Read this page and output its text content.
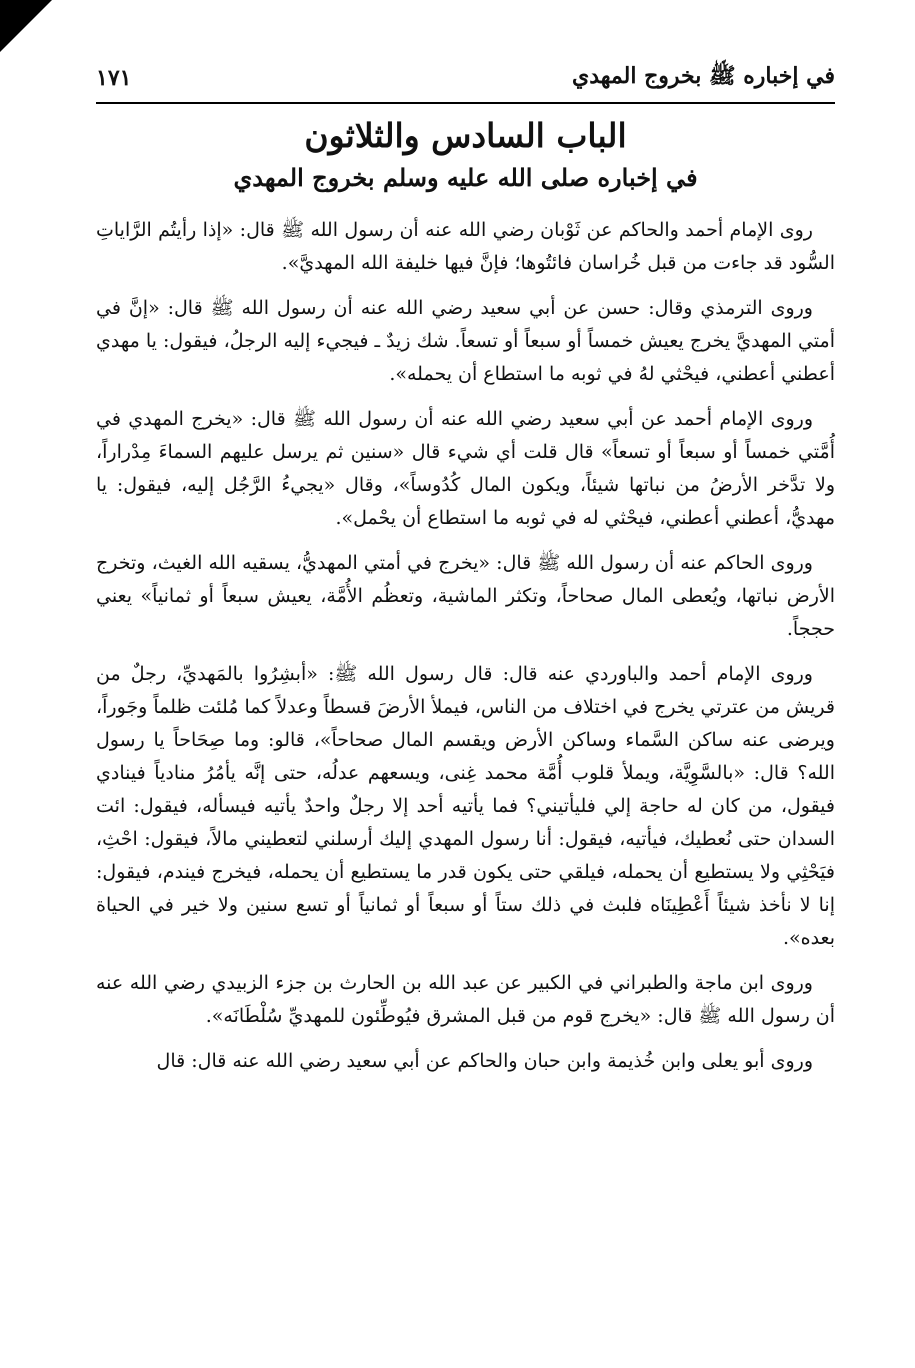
في إخباره ﷺ بخروج المهدي
١٧١
الباب السادس والثلاثون
في إخباره صلى الله عليه وسلم بخروج المهدي

روى الإمام أحمد والحاكم عن ثَوْبان رضي الله عنه أن رسول الله ﷺ قال: «إذا رأيتُم الرَّاياتِ السُّود قد جاءت من قبل خُراسان فائتُوها؛ فإنَّ فيها خليفة الله المهديَّ».

وروى الترمذي وقال: حسن عن أبي سعيد رضي الله عنه أن رسول الله ﷺ قال: «إنَّ في أمتي المهديَّ يخرج يعيش خمساً أو سبعاً أو تسعاً. شك زيدٌ ـ فيجيء إليه الرجلُ، فيقول: يا مهدي أعطني أعطني، فيحْثي لهُ في ثوبه ما استطاع أن يحمله».

وروى الإمام أحمد عن أبي سعيد رضي الله عنه أن رسول الله ﷺ قال: «يخرج المهدي في أُمَّتي خمساً أو سبعاً أو تسعاً» قال قلت أي شيء قال «سنين ثم يرسل عليهم السماءَ مِدْراراً، ولا تدَّخر الأرضُ من نباتها شيئاً، ويكون المال كُدُوساً»، وقال «يجيءُ الرَّجُل إليه، فيقول: يا مهديُّ، أعطني أعطني، فيحْثي له في ثوبه ما استطاع أن يحْمل».

وروى الحاكم عنه أن رسول الله ﷺ قال: «يخرج في أمتي المهديُّ، يسقيه الله الغيث، وتخرج الأرض نباتها، ويُعطى المال صحاحاً، وتكثر الماشية، وتعظُم الأُمَّة، يعيش سبعاً أو ثمانياً» يعني حججاً.

وروى الإمام أحمد والباوردي عنه قال: قال رسول الله ﷺ: «أبشِرُوا بالمَهديِّ، رجلٌ من قريش من عترتي يخرج في اختلاف من الناس، فيملأ الأرضَ قسطاً وعدلاً كما مُلئت ظلماً وجَوراً، ويرضى عنه ساكن السَّماء وساكن الأرض ويقسم المال صحاحاً»، قالو: وما صِحَاحاً يا رسول الله؟ قال: «بالسَّوِيَّة، ويملأ قلوب أُمَّة محمد غِنى، ويسعهم عدلُه، حتى إنَّه يأمُرُ منادياً فينادي فيقول، من كان له حاجة إلي فليأتيني؟ فما يأتيه أحد إلا رجلٌ واحدٌ يأتيه فيسأله، فيقول: ائت السدان حتى نُعطيك، فيأتيه، فيقول: أنا رسول المهدي إليك أرسلني لتعطيني مالاً، فيقول: احْثِ، فيَحْثِي ولا يستطيع أن يحمله، فيلقي حتى يكون قدر ما يستطيع أن يحمله، فيخرج فيندم، فيقول: إنا لا نأخذ شيئاً أَعْطِينَاه فلبث في ذلك ستاً أو سبعاً أو ثمانياً أو تسع سنين ولا خير في الحياة بعده».

وروى ابن ماجة والطبراني في الكبير عن عبد الله بن الحارث بن جزء الزبيدي رضي الله عنه أن رسول الله ﷺ قال: «يخرج قوم من قبل المشرق فيُوطِّئون للمهديِّ سُلْطَانَه».

وروى أبو يعلى وابن خُذيمة وابن حبان والحاكم عن أبي سعيد رضي الله عنه قال: قال
